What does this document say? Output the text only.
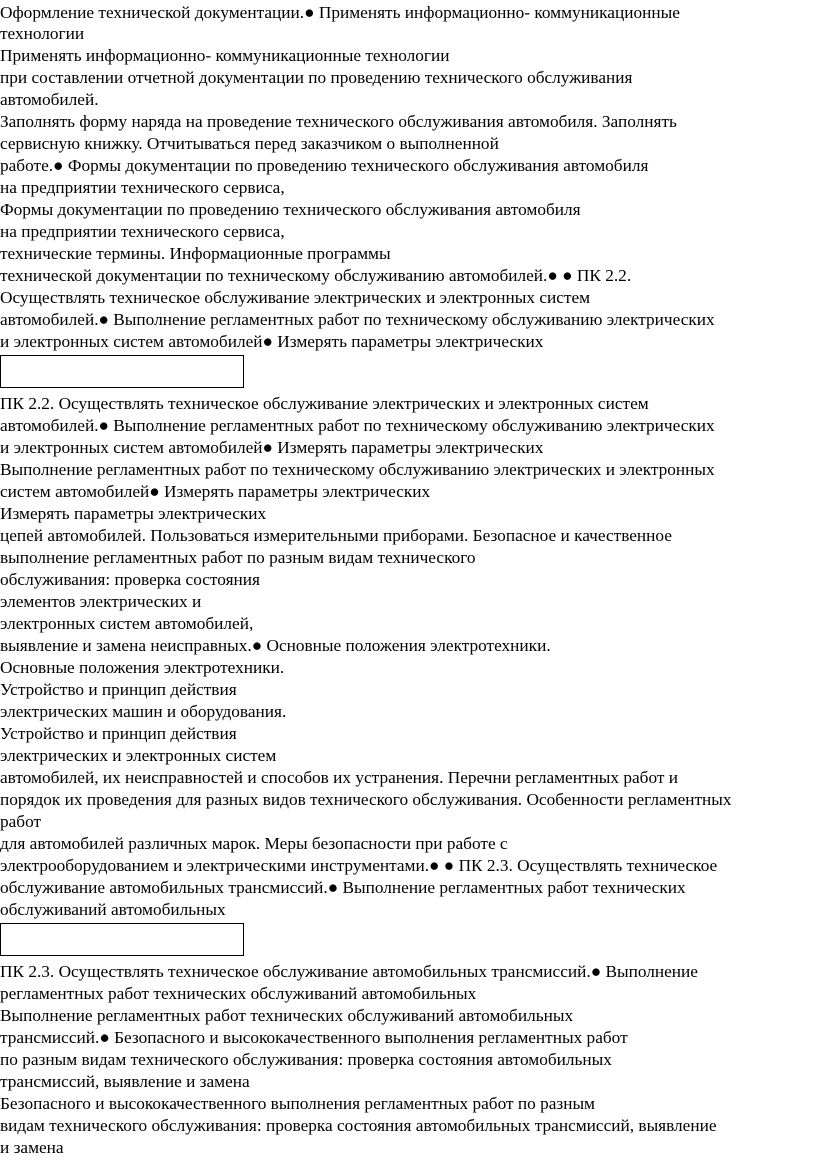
Оформление технической документации.● Применять информационно- коммуникационные
технологии
Применять информационно- коммуникационные технологии
при составлении отчетной документации по проведению технического обслуживания
автомобилей.
Заполнять форму наряда на проведение технического обслуживания автомобиля. Заполнять
сервисную книжку. Отчитываться перед заказчиком о выполненной
работе.● Формы документации по проведению технического обслуживания автомобиля
на предприятии технического сервиса,
Формы документации по проведению технического обслуживания автомобиля
на предприятии технического сервиса,
технические термины. Информационные программы
технической документации по техническому обслуживанию автомобилей.● ● ПК 2.2.
Осуществлять техническое обслуживание электрических и электронных систем
автомобилей.● Выполнение регламентных работ по техническому обслуживанию электрических
и электронных систем автомобилей● Измерять параметры электрических
ПК 2.2. Осуществлять техническое обслуживание электрических и электронных систем
автомобилей.● Выполнение регламентных работ по техническому обслуживанию электрических
и электронных систем автомобилей● Измерять параметры электрических
Выполнение регламентных работ по техническому обслуживанию электрических и электронных
систем автомобилей● Измерять параметры электрических
Измерять параметры электрических
цепей автомобилей. Пользоваться измерительными приборами. Безопасное и качественное
выполнение регламентных работ по разным видам технического
обслуживания: проверка состояния
элементов электрических и
электронных систем автомобилей,
выявление и замена неисправных.● Основные положения электротехники.
Основные положения электротехники.
Устройство и принцип действия
электрических машин и оборудования.
Устройство и принцип действия
электрических и электронных систем
автомобилей, их неисправностей и способов их устранения. Перечни регламентных работ и
порядок их проведения для разных видов технического обслуживания. Особенности регламентных
работ
для автомобилей различных марок. Меры безопасности при работе с
электрооборудованием и электрическими инструментами.● ● ПК 2.3. Осуществлять техническое
обслуживание автомобильных трансмиссий.● Выполнение регламентных работ технических
обслуживаний автомобильных
ПК 2.3. Осуществлять техническое обслуживание автомобильных трансмиссий.● Выполнение
регламентных работ технических обслуживаний автомобильных
Выполнение регламентных работ технических обслуживаний автомобильных
трансмиссий.● Безопасного и высококачественного выполнения регламентных работ
по разным видам технического обслуживания: проверка состояния автомобильных
трансмиссий, выявление и замена
Безопасного и высококачественного выполнения регламентных работ по разным
видам технического обслуживания: проверка состояния автомобильных трансмиссий, выявление
и замена
